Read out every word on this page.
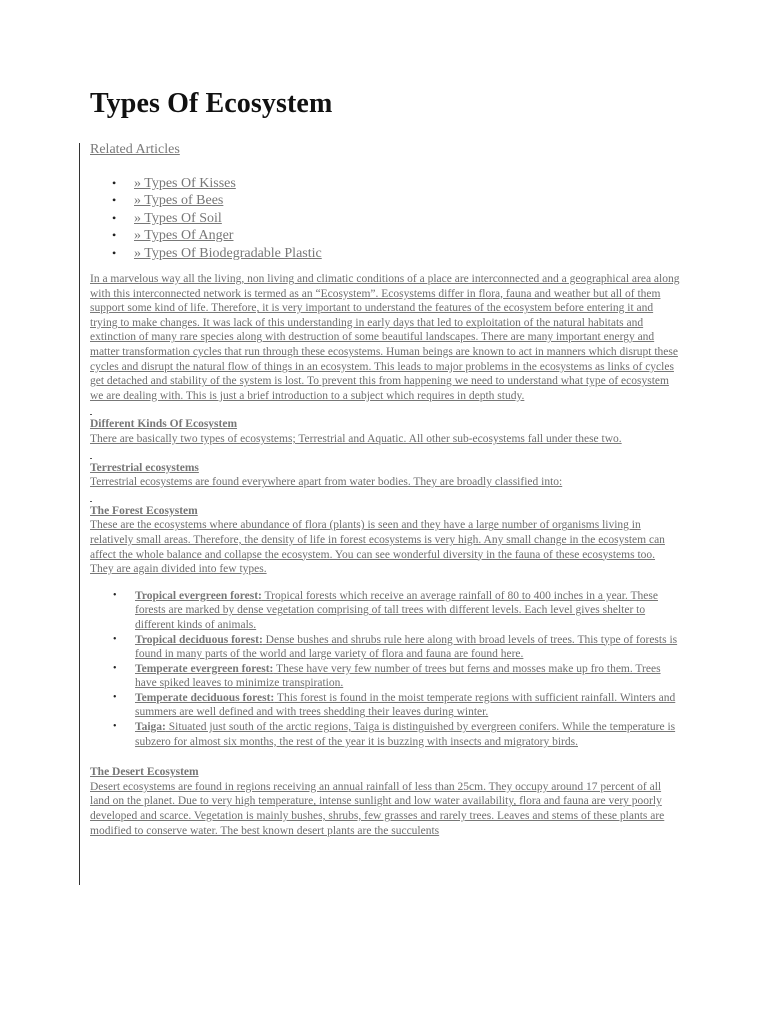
Types Of Ecosystem
Related Articles
• » Types Of Kisses
• » Types of Bees
• » Types Of Soil
• » Types Of Anger
• » Types Of Biodegradable Plastic

In a marvelous way all the living, non living and climatic conditions of a place are interconnected and a geographical area along with this interconnected network is termed as an “Ecosystem”. Ecosystems differ in flora, fauna and weather but all of them support some kind of life. Therefore, it is very important to understand the features of the ecosystem before entering it and trying to make changes. It was lack of this understanding in early days that led to exploitation of the natural habitats and extinction of many rare species along with destruction of some beautiful landscapes. There are many important energy and matter transformation cycles that run through these ecosystems. Human beings are known to act in manners which disrupt these cycles and disrupt the natural flow of things in an ecosystem. This leads to major problems in the ecosystems as links of cycles get detached and stability of the system is lost. To prevent this from happening we need to understand what type of ecosystem we are dealing with. This is just a brief introduction to a subject which requires in depth study.

Different Kinds Of Ecosystem

There are basically two types of ecosystems; Terrestrial and Aquatic. All other sub-ecosystems fall under these two.

Terrestrial ecosystems

Terrestrial ecosystems are found everywhere apart from water bodies. They are broadly classified into:

The Forest Ecosystem

These are the ecosystems where abundance of flora (plants) is seen and they have a large number of organisms living in relatively small areas. Therefore, the density of life in forest ecosystems is very high. Any small change in the ecosystem can affect the whole balance and collapse the ecosystem. You can see wonderful diversity in the fauna of these ecosystems too. They are again divided into few types.

• Tropical evergreen forest: Tropical forests which receive an average rainfall of 80 to 400 inches in a year. These forests are marked by dense vegetation comprising of tall trees with different levels. Each level gives shelter to different kinds of animals.
• Tropical deciduous forest: Dense bushes and shrubs rule here along with broad levels of trees. This type of forests is found in many parts of the world and large variety of flora and fauna are found here.
• Temperate evergreen forest: These have very few number of trees but ferns and mosses make up fro them. Trees have spiked leaves to minimize transpiration.
• Temperate deciduous forest: This forest is found in the moist temperate regions with sufficient rainfall. Winters and summers are well defined and with trees shedding their leaves during winter.
• Taiga: Situated just south of the arctic regions, Taiga is distinguished by evergreen conifers. While the temperature is subzero for almost six months, the rest of the year it is buzzing with insects and migratory birds.
The Desert Ecosystem

Desert ecosystems are found in regions receiving an annual rainfall of less than 25cm. They occupy around 17 percent of all land on the planet. Due to very high temperature, intense sunlight and low water availability, flora and fauna are very poorly developed and scarce. Vegetation is mainly bushes, shrubs, few grasses and rarely trees. Leaves and stems of these plants are modified to conserve water. The best known desert plants are the succulents
